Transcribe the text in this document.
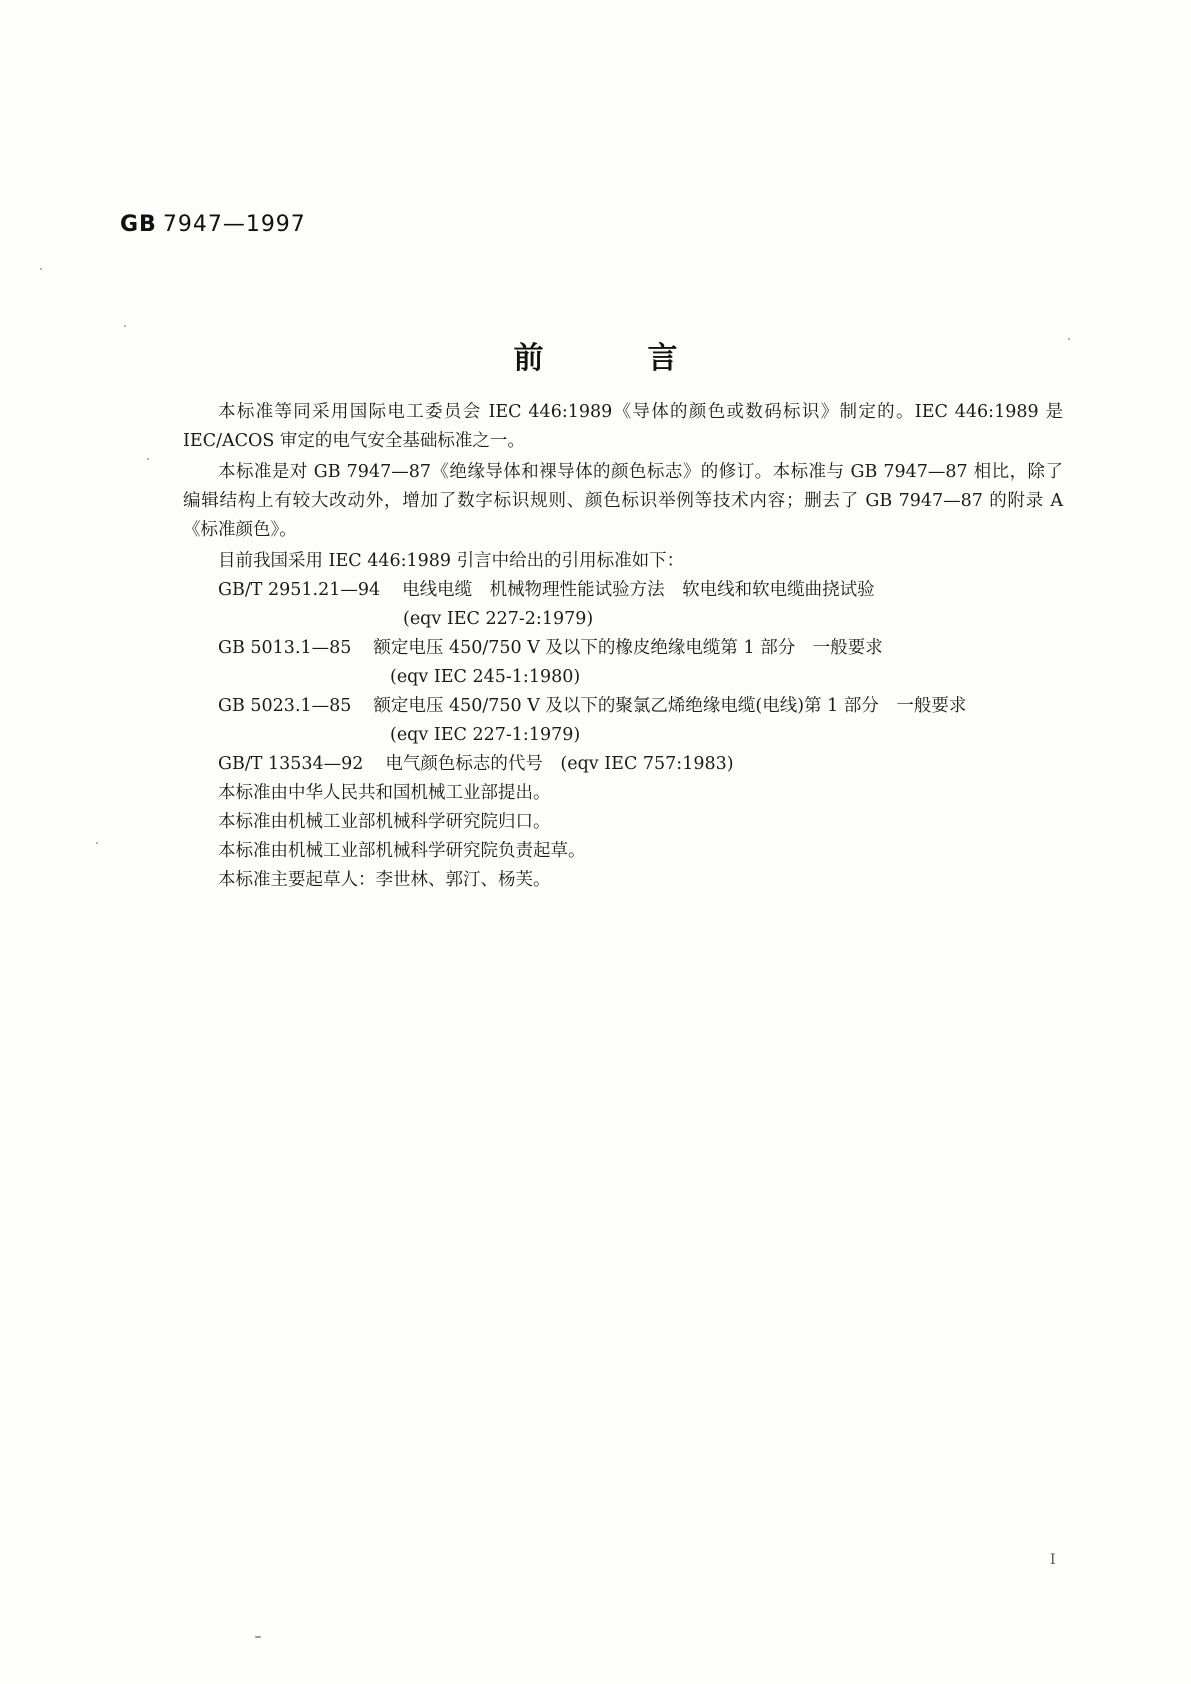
GB 7947—1997
前	言

本标准等同采用国际电工委员会 IEC 446:1989《导体的颜色或数码标识》制定的。IEC 446:1989 是IEC/ACOS 审定的电气安全基础标准之一。

本标准是对 GB 7947—87《绝缘导体和裸导体的颜色标志》的修订。本标准与 GB 7947—87 相比，除了编辑结构上有较大改动外，增加了数字标识规则、颜色标识举例等技术内容；删去了 GB 7947—87 的附录 A《标准颜色》。

目前我国采用 IEC 446:1989 引言中给出的引用标准如下：

GB/T 2951.21—94 电线电缆　机械物理性能试验方法　软电线和软电缆曲挠试验
(eqv IEC 227-2:1979)
GB 5013.1—85 额定电压 450/750 V 及以下的橡皮绝缘电缆第 1 部分　一般要求
(eqv IEC 245-1:1980)
GB 5023.1—85 额定电压 450/750 V 及以下的聚氯乙烯绝缘电缆(电线)第 1 部分　一般要求
(eqv IEC 227-1:1979)
GB/T 13534—92 电气颜色标志的代号　(eqv IEC 757:1983)

本标准由中华人民共和国机械工业部提出。

本标准由机械工业部机械科学研究院归口。

本标准由机械工业部机械科学研究院负责起草。

本标准主要起草人：李世林、郭汀、杨芙。

I
